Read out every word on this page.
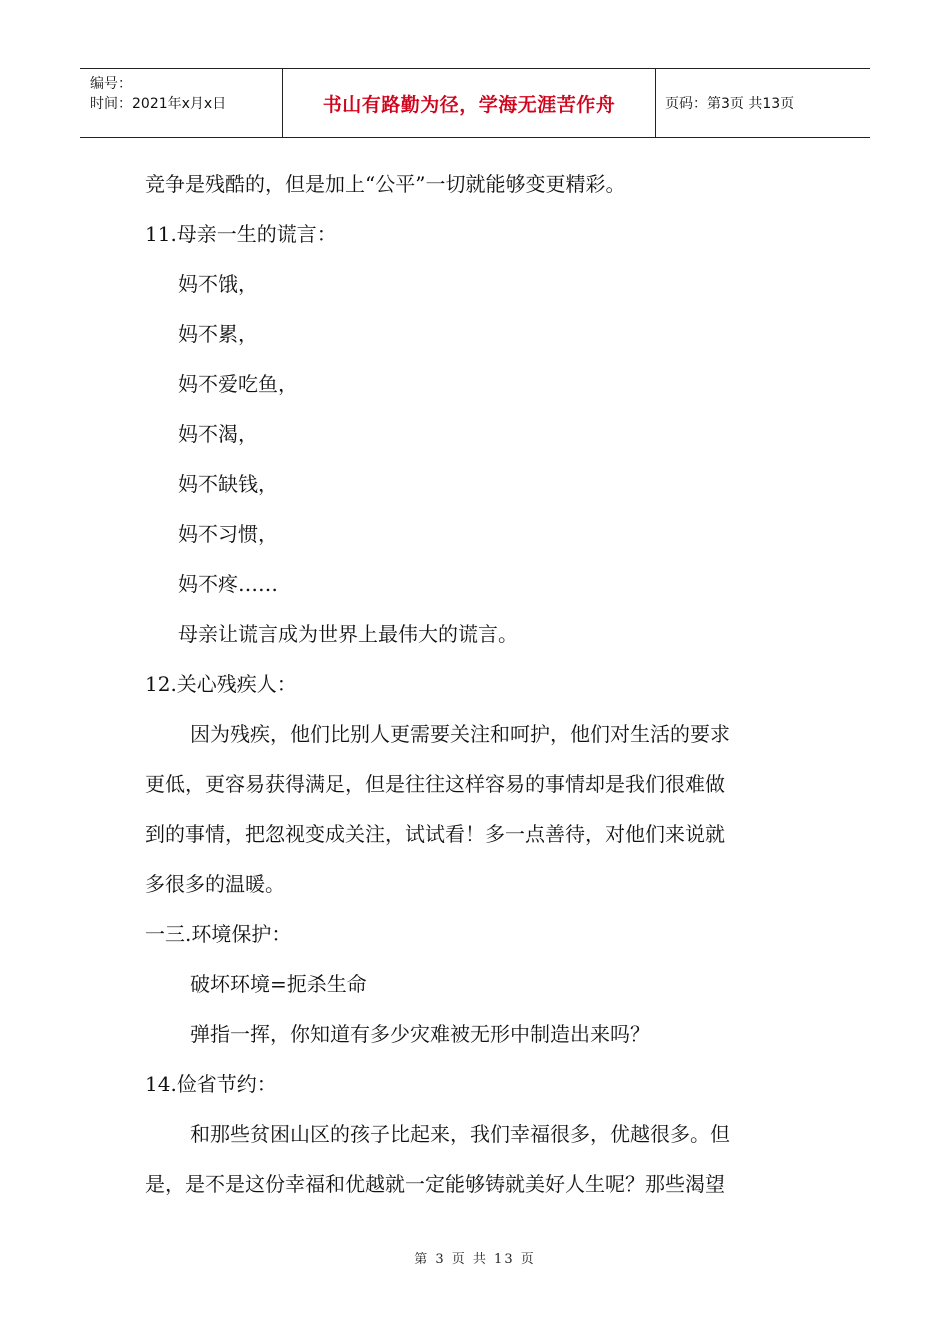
编号：
时间：2021年x月x日	书山有路勤为径，学海无涯苦作舟	页码：第3页 共13页
竞争是残酷的，但是加上“公平”一切就能够变更精彩。
11.母亲一生的谎言：
妈不饿，
妈不累，
妈不爱吃鱼，
妈不渴，
妈不缺钱，
妈不习惯，
妈不疼……
母亲让谎言成为世界上最伟大的谎言。
12.关心残疾人：
因为残疾，他们比别人更需要关注和呵护，他们对生活的要求
更低，更容易获得满足，但是往往这样容易的事情却是我们很难做
到的事情，把忽视变成关注，试试看！多一点善待，对他们来说就
多很多的温暖。
一三.环境保护：
破坏环境=扼杀生命
弹指一挥，你知道有多少灾难被无形中制造出来吗？
14.俭省节约：
和那些贫困山区的孩子比起来，我们幸福很多，优越很多。但
是，是不是这份幸福和优越就一定能够铸就美好人生呢？那些渴望
第 3 页 共 13 页
